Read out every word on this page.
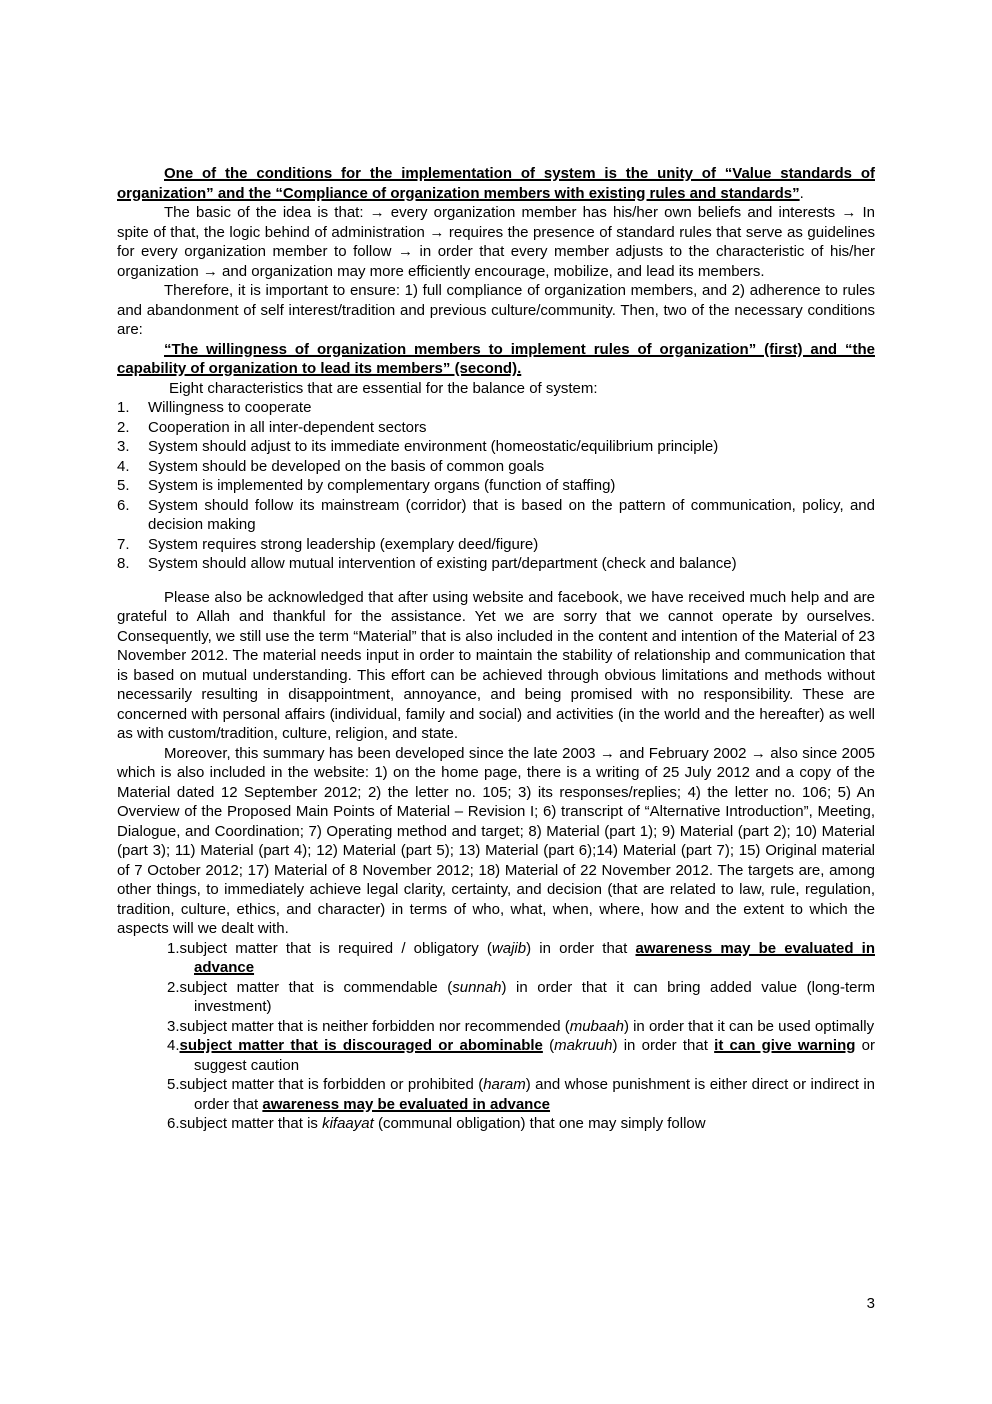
One of the conditions for the implementation of system is the unity of “Value standards of organization” and the “Compliance of organization members with existing rules and standards”.

The basic of the idea is that: → every organization member has his/her own beliefs and interests → In spite of that, the logic behind of administration → requires the presence of standard rules that serve as guidelines for every organization member to follow → in order that every member adjusts to the characteristic of his/her organization → and organization may more efficiently encourage, mobilize, and lead its members.

Therefore, it is important to ensure: 1) full compliance of organization members, and 2) adherence to rules and abandonment of self interest/tradition and previous culture/community. Then, two of the necessary conditions are:

“The willingness of organization members to implement rules of organization” (first) and “the capability of organization to lead its members” (second).

Eight characteristics that are essential for the balance of system:

1. Willingness to cooperate
2. Cooperation in all inter-dependent sectors
3. System should adjust to its immediate environment (homeostatic/equilibrium principle)
4. System should be developed on the basis of common goals
5. System is implemented by complementary organs (function of staffing)
6. System should follow its mainstream (corridor) that is based on the pattern of communication, policy, and decision making
7. System requires strong leadership (exemplary deed/figure)
8. System should allow mutual intervention of existing part/department (check and balance)

Please also be acknowledged that after using website and facebook, we have received much help and are grateful to Allah and thankful for the assistance. Yet we are sorry that we cannot operate by ourselves. Consequently, we still use the term “Material” that is also included in the content and intention of the Material of 23 November 2012. The material needs input in order to maintain the stability of relationship and communication that is based on mutual understanding. This effort can be achieved through obvious limitations and methods without necessarily resulting in disappointment, annoyance, and being promised with no responsibility. These are concerned with personal affairs (individual, family and social) and activities (in the world and the hereafter) as well as with custom/tradition, culture, religion, and state.

Moreover, this summary has been developed since the late 2003 → and February 2002 → also since 2005 which is also included in the website: 1) on the home page, there is a writing of 25 July 2012 and a copy of the Material dated 12 September 2012; 2) the letter no. 105; 3) its responses/replies; 4) the letter no. 106; 5) An Overview of the Proposed Main Points of Material – Revision I; 6) transcript of “Alternative Introduction”, Meeting, Dialogue, and Coordination; 7) Operating method and target; 8) Material (part 1); 9) Material (part 2); 10) Material (part 3); 11) Material (part 4); 12) Material (part 5); 13) Material (part 6);14) Material (part 7); 15) Original material of 7 October 2012; 17) Material of 8 November 2012; 18) Material of 22 November 2012. The targets are, among other things, to immediately achieve legal clarity, certainty, and decision (that are related to law, rule, regulation, tradition, culture, ethics, and character) in terms of who, what, when, where, how and the extent to which the aspects will we dealt with.

1.subject matter that is required / obligatory (wajib) in order that awareness may be evaluated in advance
2.subject matter that is commendable (sunnah) in order that it can bring added value (long-term investment)
3.subject matter that is neither forbidden nor recommended (mubaah) in order that it can be used optimally
4.subject matter that is discouraged or abominable (makruuh) in order that it can give warning or suggest caution
5.subject matter that is forbidden or prohibited (haram) and whose punishment is either direct or indirect in order that awareness may be evaluated in advance
6.subject matter that is kifaayat (communal obligation) that one may simply follow
3
